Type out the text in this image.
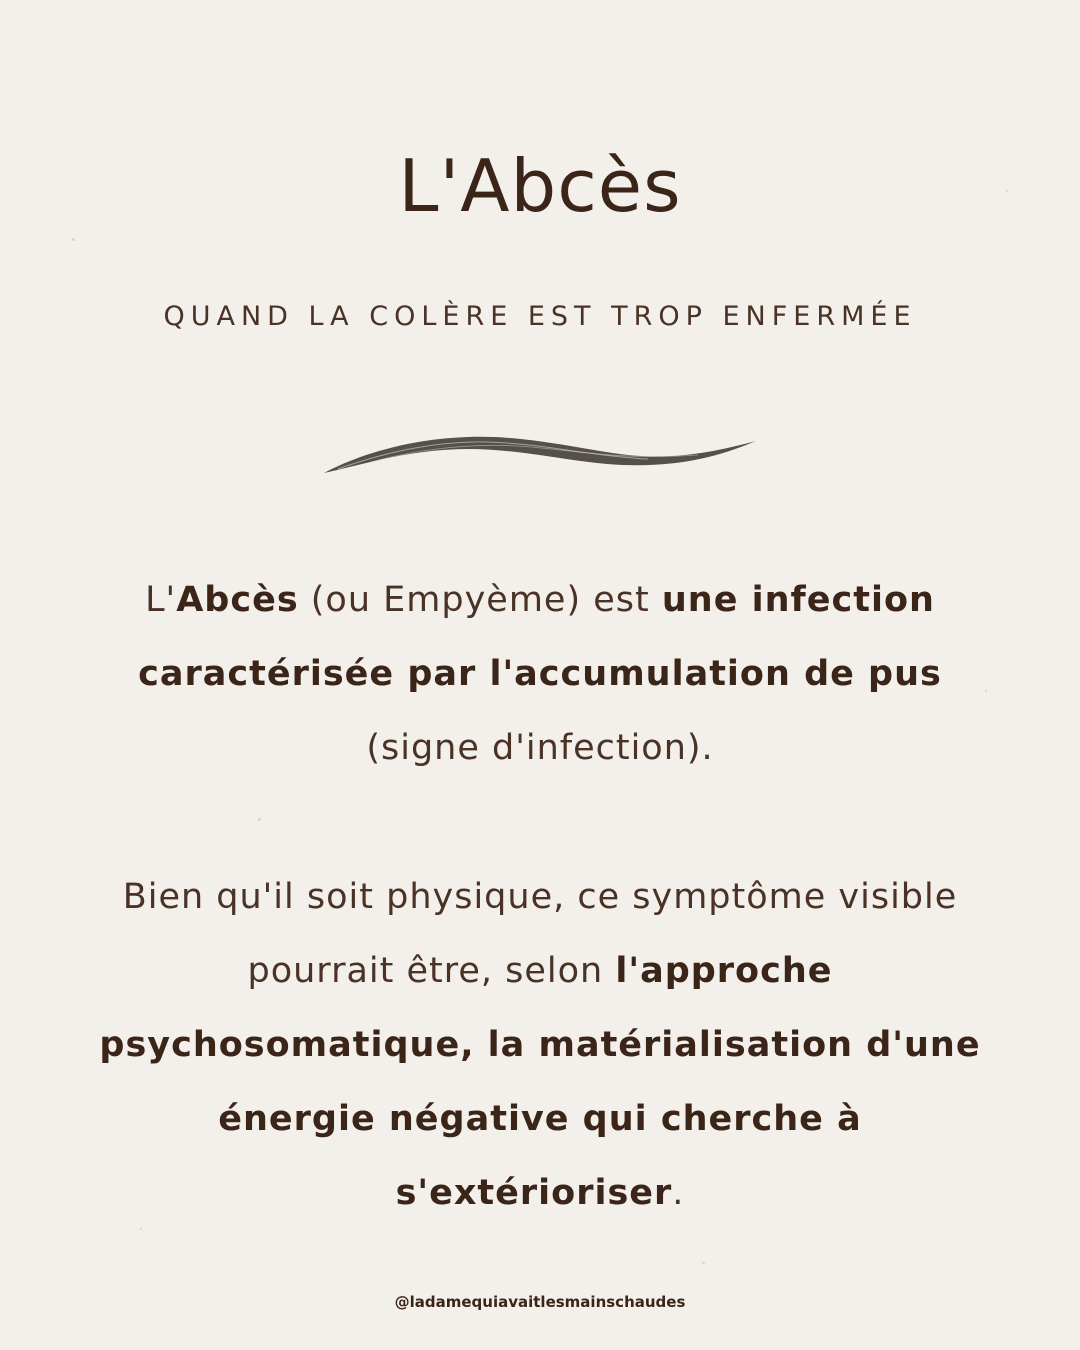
L'Abcès
QUAND LA COLÈRE EST TROP ENFERMÉE
L'Abcès (ou Empyème) est une infection caractérisée par l'accumulation de pus (signe d'infection).
Bien qu'il soit physique, ce symptôme visible pourrait être, selon l'approche psychosomatique, la matérialisation d'une énergie négative qui cherche à s'extérioriser.
@ladamequiavaitlesmainschaudes
